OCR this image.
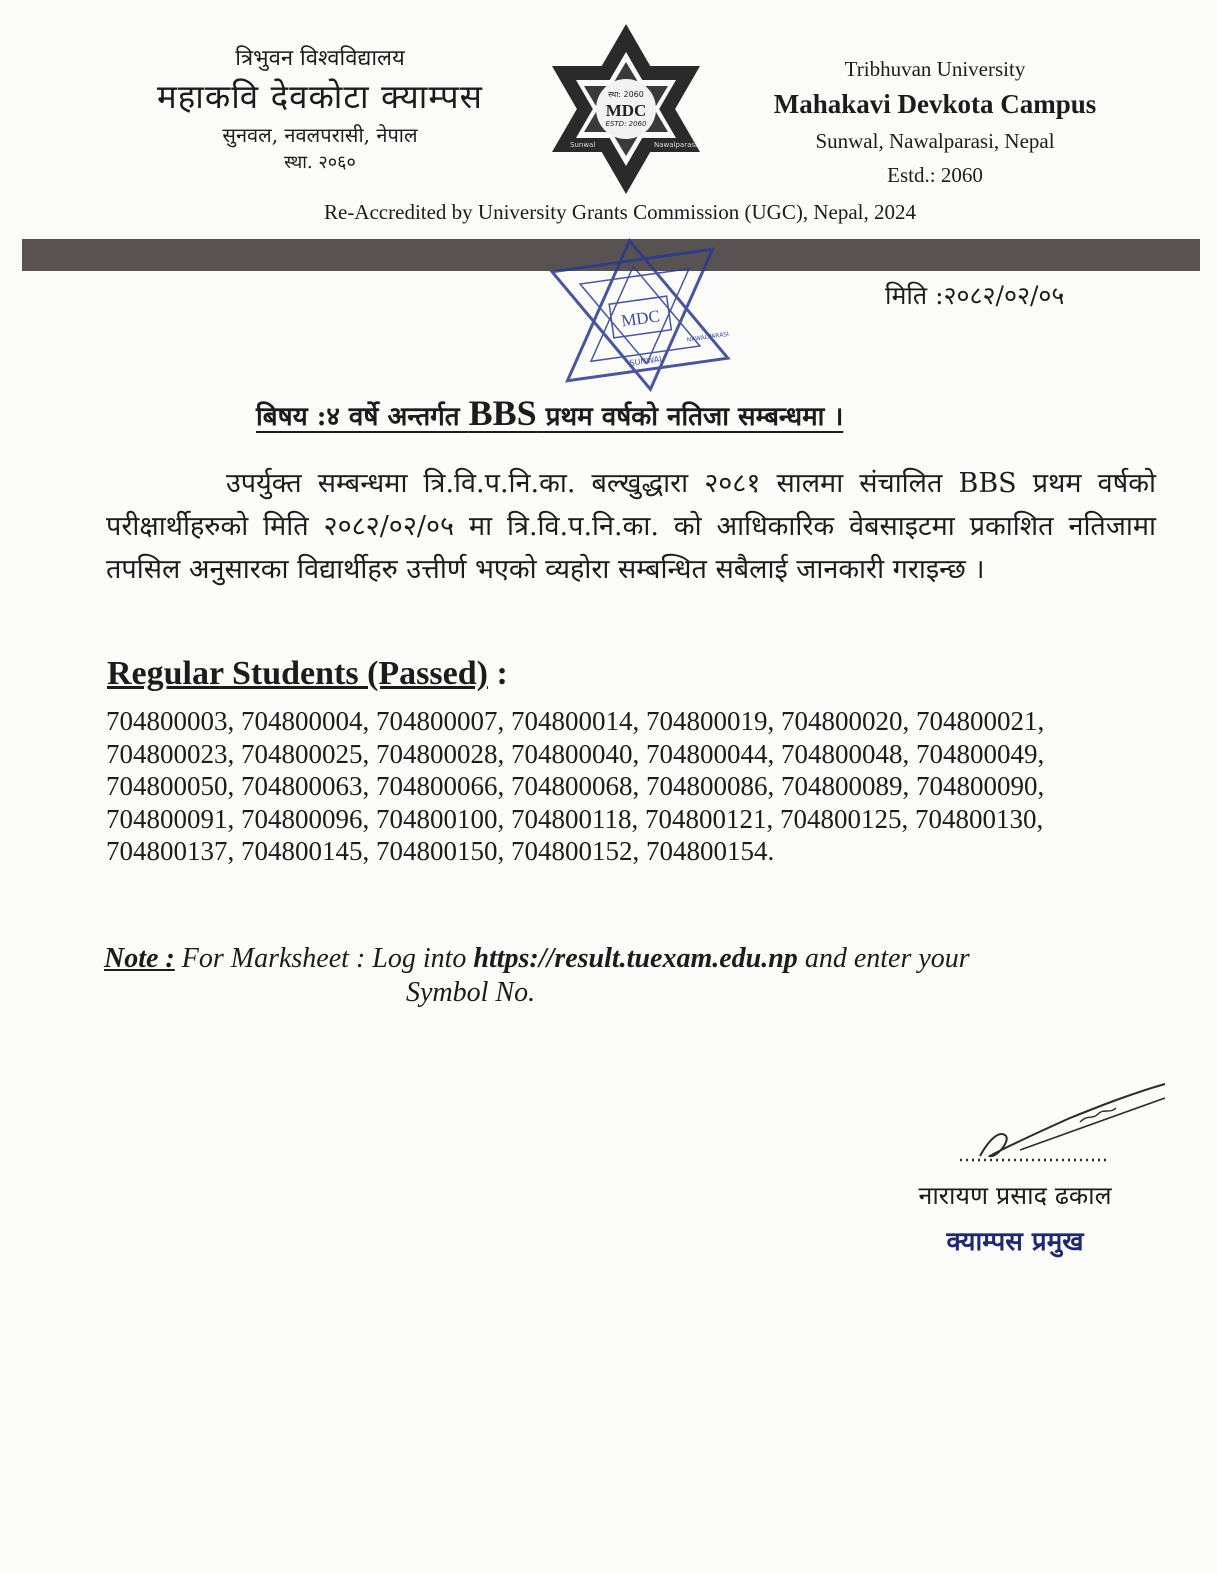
त्रिभुवन विश्वविद्यालय
महाकवि देवकोटा क्याम्पस
सुनवल, नवलपरासी, नेपाल
स्था. २०६०
स्था: 2060
MDC
ESTD: 2060
Sunwal	Nawalparasi
Tribhuvan University
Mahakavi Devkota Campus
Sunwal, Nawalparasi, Nepal
Estd.: 2060
Re-Accredited by University Grants Commission (UGC), Nepal, 2024
MDC
SUNWAL
NAWALPARASI
मिति :२०८२/०२/०५
बिषय :४ वर्षे अन्तर्गत BBS प्रथम वर्षको नतिजा सम्बन्धमा ।
उपर्युक्त सम्बन्धमा त्रि.वि.प.नि.का. बल्खुद्धारा २०८१ सालमा संचालित BBS प्रथम वर्षको परीक्षार्थीहरुको मिति २०८२/०२/०५ मा त्रि.वि.प.नि.का. को आधिकारिक वेबसाइटमा प्रकाशित नतिजामा तपसिल अनुसारका विद्यार्थीहरु उत्तीर्ण भएको व्यहोरा सम्बन्धित सबैलाई जानकारी गराइन्छ ।
Regular Students (Passed) :
704800003, 704800004, 704800007, 704800014, 704800019, 704800020, 704800021,
704800023, 704800025, 704800028, 704800040, 704800044, 704800048, 704800049,
704800050, 704800063, 704800066, 704800068, 704800086, 704800089, 704800090,
704800091, 704800096, 704800100, 704800118, 704800121, 704800125, 704800130,
704800137, 704800145, 704800150, 704800152, 704800154.
Note : For Marksheet : Log into https://result.tuexam.edu.np and enter your
Symbol No.
नारायण प्रसाद ढकाल
क्याम्पस प्रमुख
